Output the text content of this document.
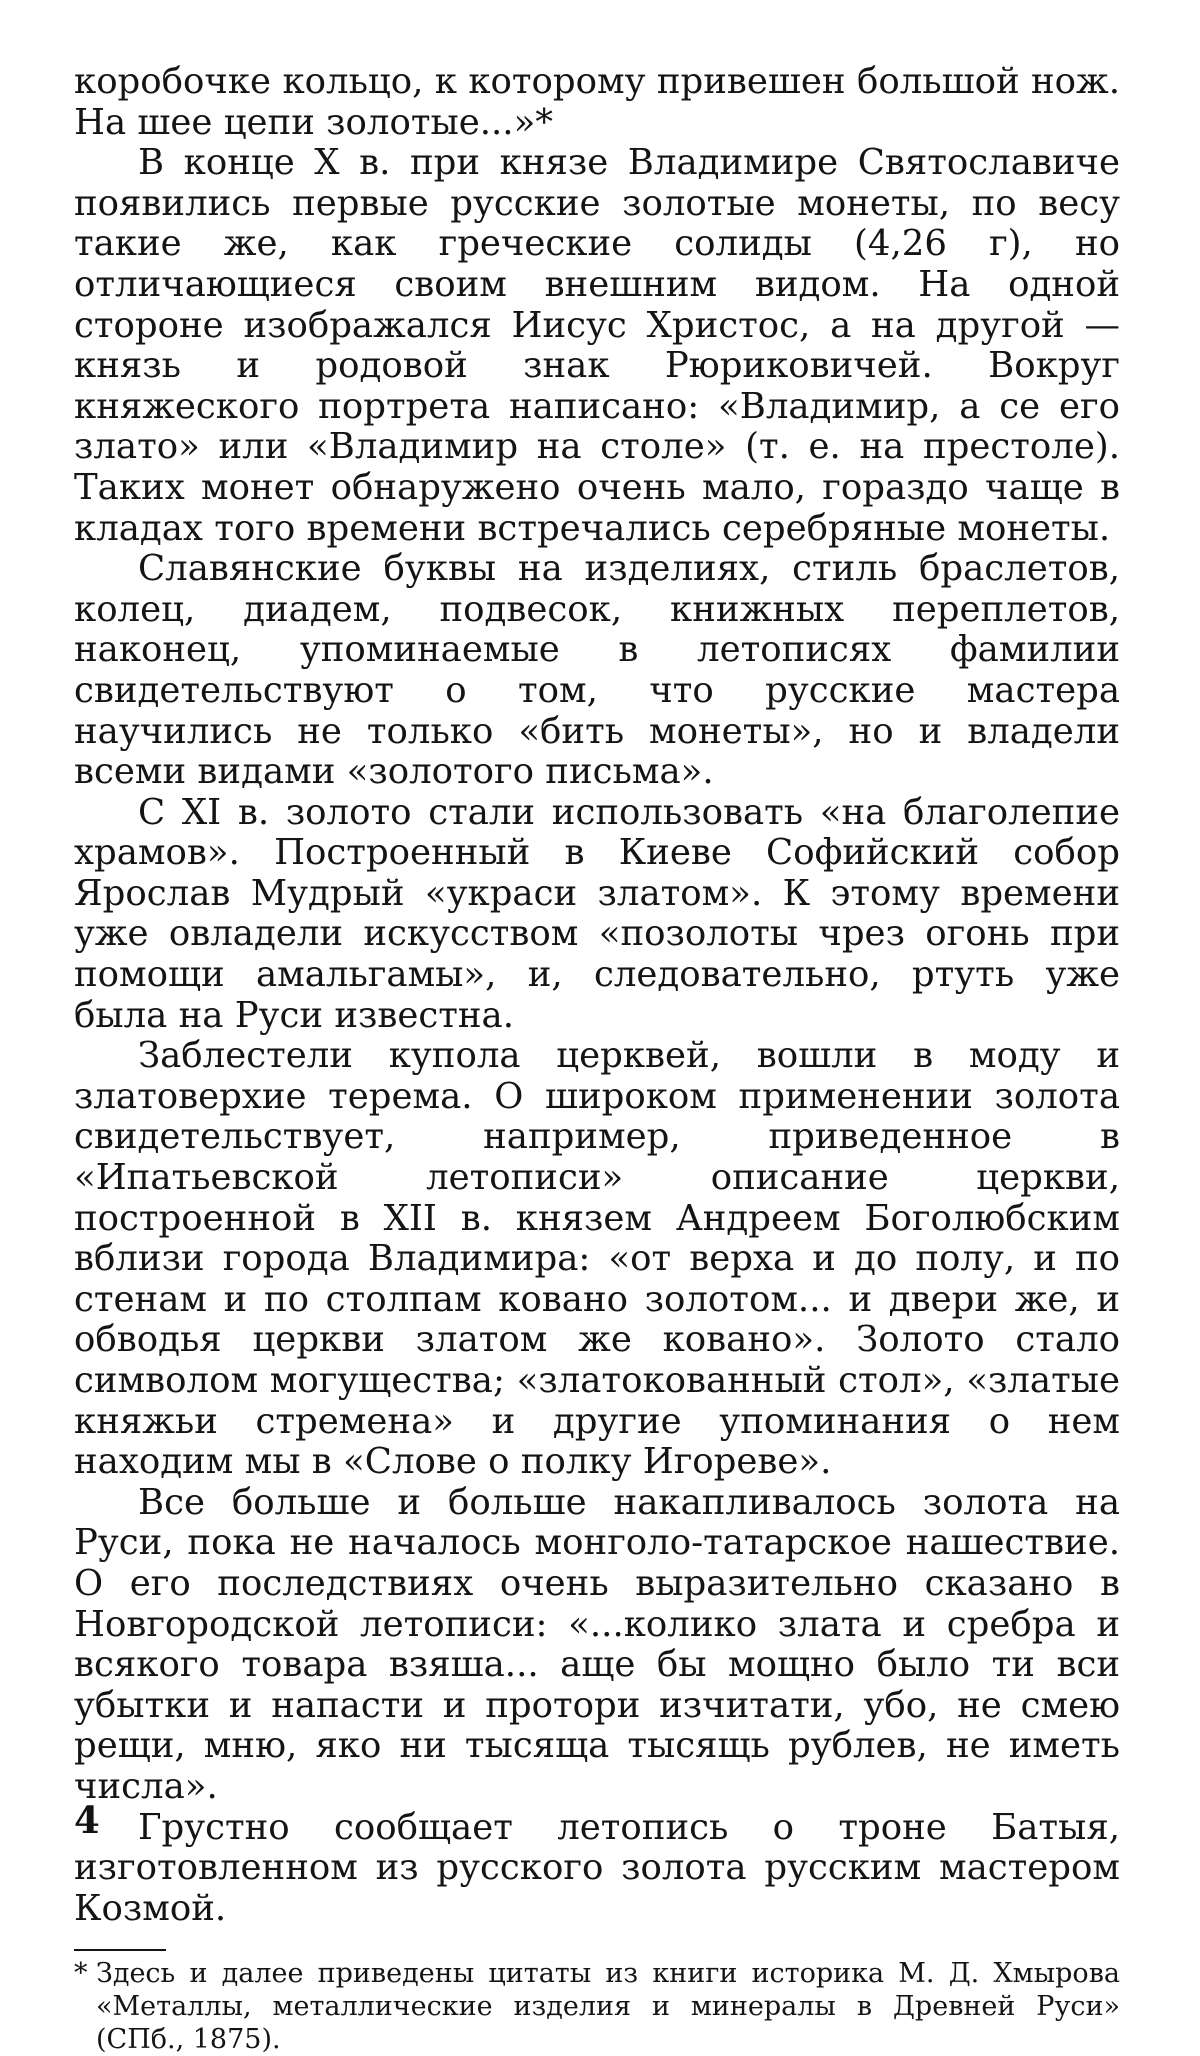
коробочке кольцо, к которому привешен большой нож. На шее цепи золотые...»*

В конце X в. при князе Владимире Святославиче появились первые русские золотые монеты, по весу такие же, как греческие солиды (4,26 г), но отличающиеся своим внешним видом. На одной стороне изображался Иисус Христос, а на другой — князь и родовой знак Рюриковичей. Вокруг княжеского портрета написано: «Владимир, а се его злато» или «Владимир на столе» (т. е. на престоле). Таких монет обнаружено очень мало, гораздо чаще в кладах того времени встречались серебряные монеты.

Славянские буквы на изделиях, стиль браслетов, колец, диадем, подвесок, книжных переплетов, наконец, упоминаемые в летописях фамилии свидетельствуют о том, что русские мастера научились не только «бить монеты», но и владели всеми видами «золотого письма».

С XI в. золото стали использовать «на благолепие храмов». Построенный в Киеве Софийский собор Ярослав Мудрый «украси златом». К этому времени уже овладели искусством «позолоты чрез огонь при помощи амальгамы», и, следовательно, ртуть уже была на Руси известна.

Заблестели купола церквей, вошли в моду и златоверхие терема. О широком применении золота свидетельствует, например, приведенное в «Ипатьевской летописи» описание церкви, построенной в XII в. князем Андреем Боголюбским вблизи города Владимира: «от верха и до полу, и по стенам и по столпам ковано золотом... и двери же, и обводья церкви златом же ковано». Золото стало символом могущества; «златокованный стол», «златые княжьи стремена» и другие упоминания о нем находим мы в «Слове о полку Игореве».

Все больше и больше накапливалось золота на Руси, пока не началось монголо-татарское нашествие. О его последствиях очень выразительно сказано в Новгородской летописи: «...колико злата и сребра и всякого товара взяша... аще бы мощно было ти вси убытки и напасти и протори изчитати, убо, не смею рещи, мню, яко ни тысяща тысящь рублев, не иметь числа».

Грустно сообщает летопись о троне Батыя, изготовленном из русского золота русским мастером Козмой.

* Здесь и далее приведены цитаты из книги историка М. Д. Хмырова «Металлы, металлические изделия и минералы в Древней Руси» (СПб., 1875).

4
